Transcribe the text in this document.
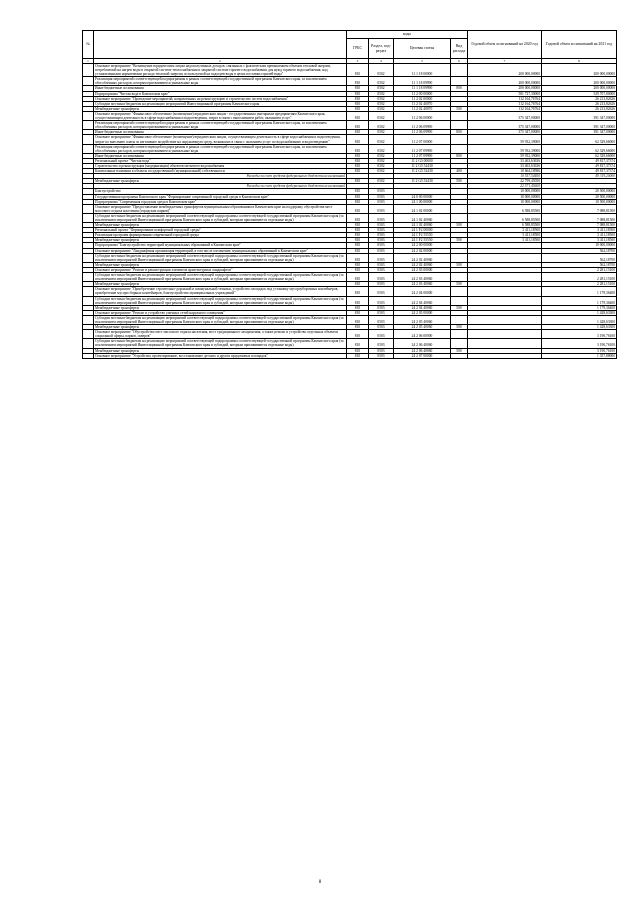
№		коды				Годовой объем ассигнований на 2020 год	Годовой объем ассигнований на 2021 год
		ГРБС	Раздел, под-раздел	Целевая статья	Вид расхода		
1	2	3	4	5	6	7	8
	Основное мероприятие "Возмещение юридическим лицам недополученных доходов, связанных с фактическим превышением объемов тепловой энергии, потребляемой на нагрев воды в открытой системе теплоснабжения и закрытой системе горячего водоснабжения для нужд горячего водоснабжения, над установленными нормативами расхода тепловой энергии, используемой на подогрев воды в целях поставки горячей воды"	810	0502	11 1 18 00000		200 000,00000	200 000,00000
	Реализация мероприятий соответствующей подпрограммы в рамках соответствующей государственной программы Камчатского края, за исключением обособленных расходов, которым присваиваются уникальные коды	810	0502	11 1 18 09990		200 000,00000	200 000,00000
	Иные бюджетные ассигнования	810	0502	11 1 18 09990	800	200 000,00000	200 000,00000
	Подпрограмма "Чистая вода в Камчатском крае"	810	0502	11 2 00 00000		581 727,30000	529 707,80000
	Основное мероприятие "Проведение мероприятий, направленных на реконструкцию и строительство систем водоснабжения"	810	0502	11 2 02 00000		112 164,76764	26 213,82626
	Субсидии местным бюджетам на реализацию мероприятий Инвестиционной программы Камчатского края	810	0502	11 2 02 40070		112 164,76764	26 213,82626
	Межбюджетные трансферты	810	0502	11 2 02 40070	500	112 164,76764	26 213,82626
	Основное мероприятие "Финансовое обеспечение (возмещение) юридическим лицам - государственным унитарным предприятиям Камчатского края, осуществляющим деятельность в сфере водоснабжения и водоотведения, затрат в связи с выполнением работ, оказанием услуг"	810	0502	11 2 06 00000		375 347,00000	391 347,00000
	Реализация мероприятий соответствующей подпрограммы в рамках соответствующей государственной программы Камчатского края, за исключением обособленных расходов, которым присваиваются уникальные коды	810	0502	11 2 06 09990		375 347,00000	391 347,00000
	Иные бюджетные ассигнования	810	0502	11 2 06 09990	800	375 347,00000	391 347,00000
	Основное мероприятие "Финансовое обеспечение (возмещение) юридическим лицам, осуществляющим деятельность в сфере водоснабжения и водоотведения, затрат по внесению платы за негативное воздействие на окружающую среду, возникших в связи с оказанием услуг по водоснабжению и водоотведению"	810	0502	11 2 07 00000		59 932,39000	62 329,66000
	Реализация мероприятий соответствующей подпрограммы в рамках соответствующей государственной программы Камчатского края, за исключением обособленных расходов, которым присваиваются уникальные коды	810	0502	11 2 07 09990		59 932,39000	62 329,66000
	Иные бюджетные ассигнования	810	0502	11 2 07 09990	800	59 932,39000	62 329,66000
	Региональный проект "Чистая вода"	810	0502	11 2 G5 00000		33 463,63636	49 817,37374
	Строительство и реконструкция (модернизация) объектов питьевого водоснабжения	810	0502	11 2 G5 52430		33 463,63636	49 817,37374
	Капитальные вложения в объекты государственной (муниципальной) собственности	810	0502	11 2 G5 52430	400	10 664,18586	49 817,37374
	Расходы за счет средств федерального бюджета ассигнований					10 557,54400	49 319,20000
	Межбюджетные трансферты	810	0502	11 2 G5 52430	500	22 799,45050	
	Расходы за счет средств федерального бюджета ассигнований					22 571,45600	
	Благоустройство	810	0503			10 000,00000	20 500,00000
	Государственная программа Камчатского края "Формирование современной городской среды в Камчатском крае"	810	0503	24 0 00 00000		10 000,00000	20 500,00000
	Подпрограмма "Современная городская среда в Камчатском крае"	810	0503	24 1 00 00000		10 000,00000	10 500,00000
	Основное мероприятие "Предоставление межбюджетных трансфертов муниципальным образованиям в Камчатском крае на поддержку обустройства мест массового отдыха населения (городских парков)"	810	0503	24 1 02 00000		6 588,85500	7 088,81500
	Субсидии местным бюджетам на реализацию мероприятий соответствующей подпрограммы соответствующей государственной программы Камчатского края (за исключением мероприятий Инвестиционной программы Камчатского края и субсидий, которым присваиваются отдельные коды)	810	0503	24 1 02 40060		6 588,85500	7 088,81500
	Межбюджетные трансферты	810	0503	24 1 02 40060	500	6 588,85500	7 088,81500
	Региональный проект "Формирование комфортной городской среды"	810	0503	24 1 F2 00000		3 411,18500	3 411,18500
	Реализация программ формирования современной городской среды	810	0503	24 1 F2 55550		3 411,18500	3 411,18500
	Межбюджетные трансферты	810	0503	24 1 F2 55550	500	3 411,18500	3 411,18500
	Подпрограмма "Благоустройство территорий муниципальных образований в Камчатском крае"	810	0503	24 2 00 00000			10 000,00000
	Основное мероприятие "Ландшафтная организация территорий, в том числе озеленение, муниципальных образований в Камчатском крае"	810	0503	24 2 02 00000			562,18700
	Субсидии местным бюджетам на реализацию мероприятий соответствующей подпрограммы соответствующей государственной программы Камчатского края (за исключением мероприятий Инвестиционной программы Камчатского края и субсидий, которым присваиваются отдельные коды)	810	0503	24 2 02 40060			562,18700
	Межбюджетные трансферты	810	0503	24 2 02 40060	500		562,18700
	Основное мероприятие "Ремонт и реконструкция элементов архитектурных ландшафтов"	810	0503	24 2 03 00000			2 281,15100
	Субсидии местным бюджетам на реализацию мероприятий соответствующей подпрограммы соответствующей государственной программы Камчатского края (за исключением мероприятий Инвестиционной программы Камчатского края и субсидий, которым присваиваются отдельные коды)	810	0503	24 2 03 40060			2 281,15100
	Межбюджетные трансферты	810	0503	24 2 03 40060	500		2 281,15100
	Основное мероприятие "Приобретение строительно-дорожной и коммунальной техники, устройство площадок под установку мусороуборочных контейнеров, приобретение мусоросборных контейнеров, благоустройство муниципальных учреждений"	810	0503	24 2 04 00000			1 179,36400
	Субсидии местным бюджетам на реализацию мероприятий соответствующей подпрограммы соответствующей государственной программы Камчатского края (за исключением мероприятий Инвестиционной программы Камчатского края и субсидий, которым присваиваются отдельные коды)	810	0503	24 2 04 40060			1 179,36400
	Межбюджетные трансферты	810	0503	24 2 04 40060	500		1 179,36400
	Основное мероприятие "Ремонт и устройство уличных сетей наружного освещения"	810	0503	24 2 05 00000			1 428,63300
	Субсидии местным бюджетам на реализацию мероприятий соответствующей подпрограммы соответствующей государственной программы Камчатского края (за исключением мероприятий Инвестиционной программы Камчатского края и субсидий, которым присваиваются отдельные коды)	810	0503	24 2 05 40060			1 428,63300
	Межбюджетные трансферты	810	0503	24 2 05 40060	500		1 428,63300
	Основное мероприятие "Обустройство мест массового отдыха населения, мест традиционного захоронения, а также ремонт и устройство отдельных объектов социальной сферы, парков, скверов"	810	0503	24 2 06 00000			3 190,76100
	Субсидии местным бюджетам на реализацию мероприятий соответствующей подпрограммы соответствующей государственной программы Камчатского края (за исключением мероприятий Инвестиционной программы Камчатского края и субсидий, которым присваиваются отдельные коды)	810	0503	24 2 06 40060			3 190,76100
	Межбюджетные трансферты	810	0503	24 2 06 40060	500		3 190,76100
	Основное мероприятие "Устройство, проектирование, восстановление детских и других придомовых площадок"	810	0503	24 2 07 00000			1 357,88000
8
